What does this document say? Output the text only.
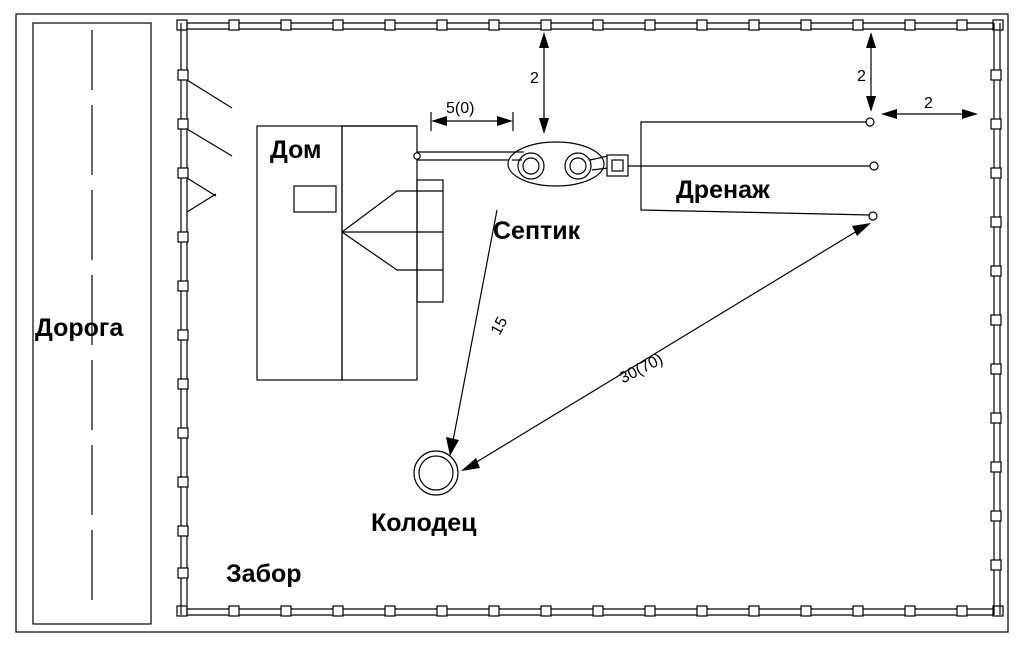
Дорога
Дом
Септик
Дренаж
Колодец
Забор
2	2
2
5(0)
15
30(70)
